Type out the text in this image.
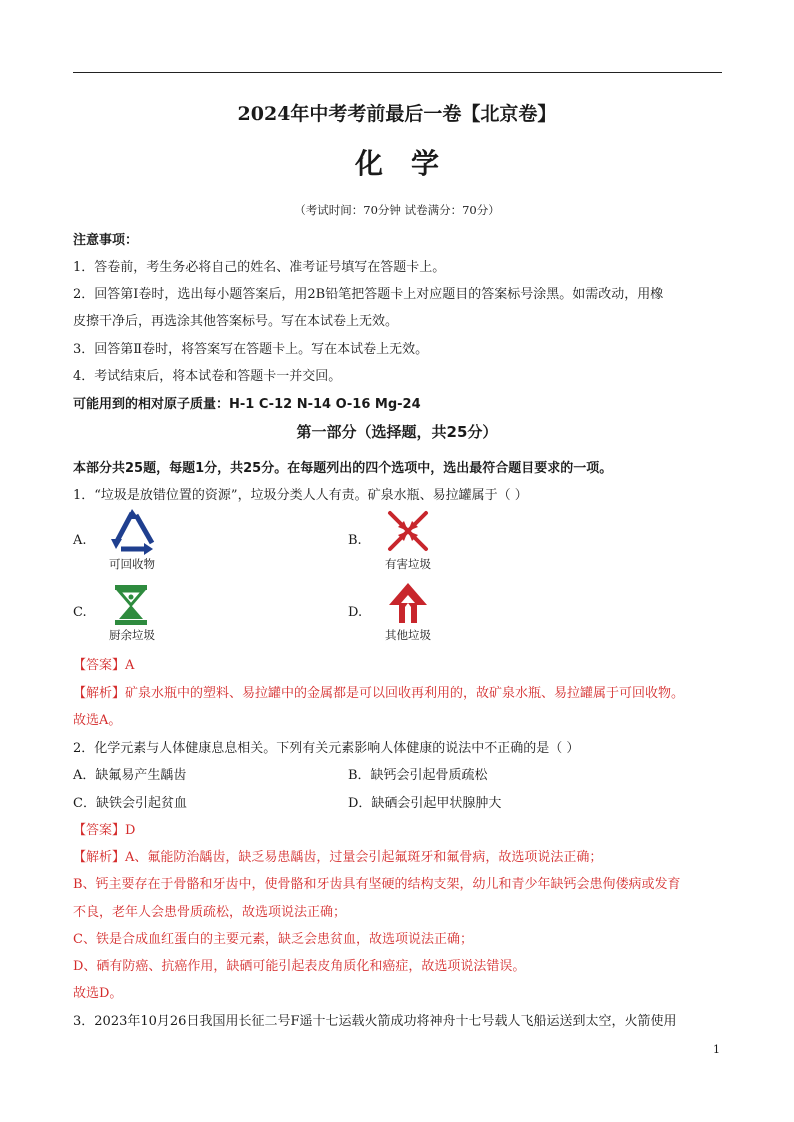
2024年中考考前最后一卷【北京卷】
化学
（考试时间：70分钟 试卷满分：70分）
注意事项：
1．答卷前，考生务必将自己的姓名、准考证号填写在答题卡上。
2．回答第Ⅰ卷时，选出每小题答案后，用2B铅笔把答题卡上对应题目的答案标号涂黑。如需改动，用橡
皮擦干净后，再选涂其他答案标号。写在本试卷上无效。
3．回答第Ⅱ卷时，将答案写在答题卡上。写在本试卷上无效。
4．考试结束后，将本试卷和答题卡一并交回。
可能用到的相对原子质量：H-1 C-12 N-14 O-16 Mg-24
第一部分（选择题，共25分）
本部分共25题，每题1分，共25分。在每题列出的四个选项中，选出最符合题目要求的一项。
1．“垃圾是放错位置的资源”，垃圾分类人人有责。矿泉水瓶、易拉罐属于（ ）
A.
可回收物
B.
有害垃圾
C.
厨余垃圾
D.
其他垃圾
【答案】A
【解析】矿泉水瓶中的塑料、易拉罐中的金属都是可以回收再利用的，故矿泉水瓶、易拉罐属于可回收物。
故选A。
2．化学元素与人体健康息息相关。下列有关元素影响人体健康的说法中不正确的是（ ）
A．缺氟易产生龋齿	B．缺钙会引起骨质疏松
C．缺铁会引起贫血	D．缺硒会引起甲状腺肿大
【答案】D
【解析】A、氟能防治龋齿，缺乏易患龋齿，过量会引起氟斑牙和氟骨病，故选项说法正确；
B、钙主要存在于骨骼和牙齿中，使骨骼和牙齿具有坚硬的结构支架，幼儿和青少年缺钙会患佝偻病或发育
不良，老年人会患骨质疏松，故选项说法正确；
C、铁是合成血红蛋白的主要元素，缺乏会患贫血，故选项说法正确；
D、硒有防癌、抗癌作用，缺硒可能引起表皮角质化和癌症，故选项说法错误。
故选D。
3．2023年10月26日我国用长征二号F遥十七运载火箭成功将神舟十七号载人飞船运送到太空，火箭使用
1
